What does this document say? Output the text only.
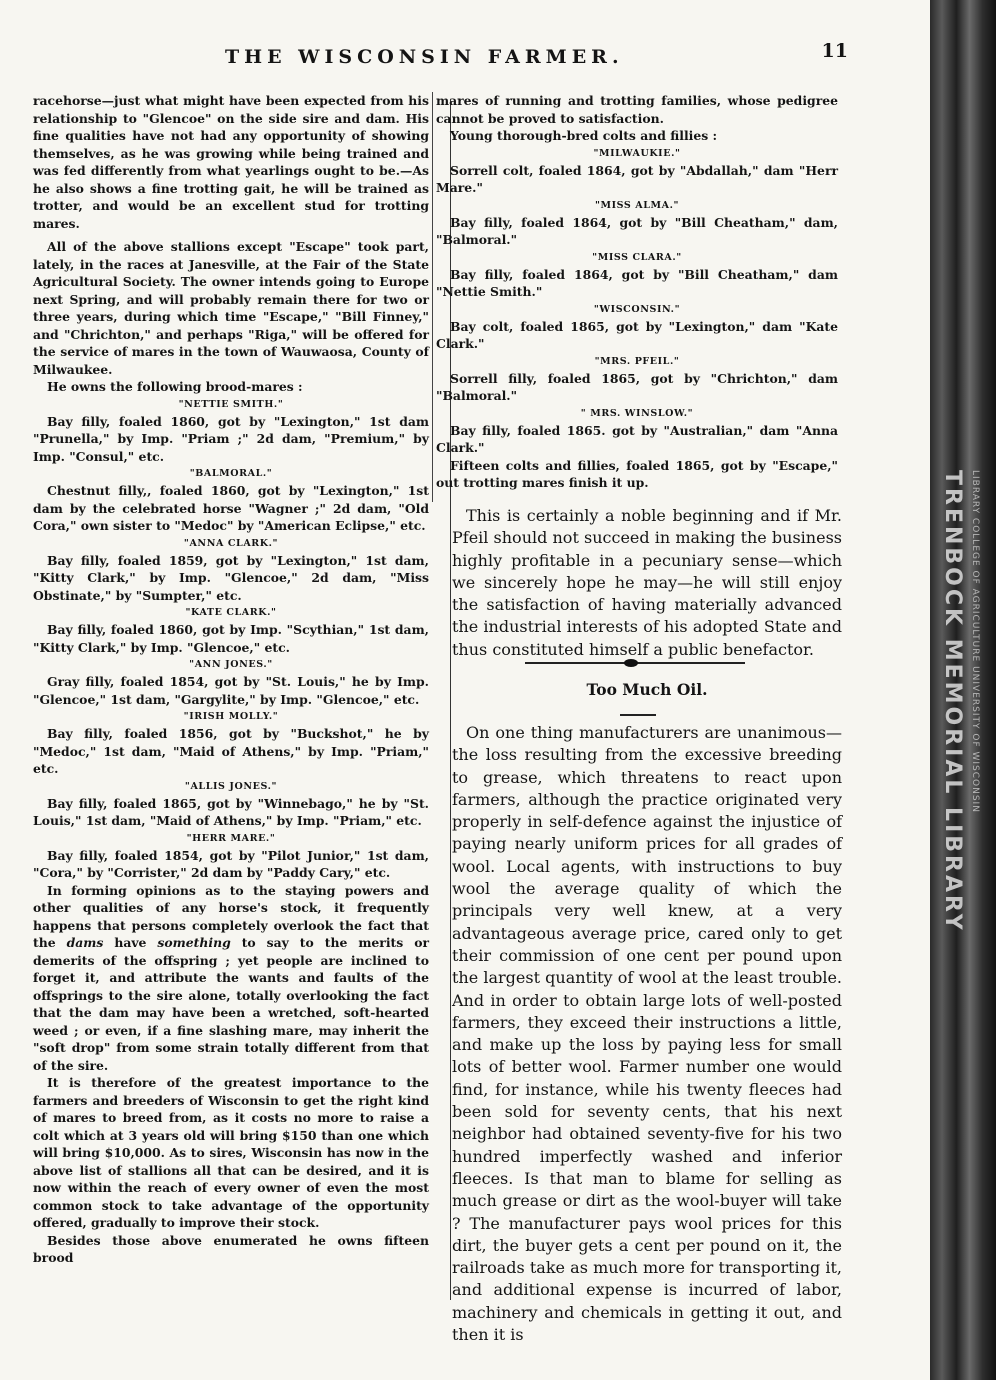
THE WISCONSIN FARMER.	11

racehorse—just what might have been expected from his relationship to "Glencoe" on the side sire and dam. His fine qualities have not had any opportunity of showing themselves, as he was growing while being trained and was fed differently from what yearlings ought to be.—As he also shows a fine trotting gait, he will be trained as trotter, and would be an excellent stud for trotting mares.

All of the above stallions except "Escape" took part, lately, in the races at Janesville, at the Fair of the State Agricultural Society. The owner intends going to Europe next Spring, and will probably remain there for two or three years, during which time "Escape," "Bill Finney," and "Chrichton," and perhaps "Riga," will be offered for the service of mares in the town of Wauwaosa, County of Milwaukee.

He owns the following brood-mares :

"NETTIE SMITH."

Bay filly, foaled 1860, got by "Lexington," 1st dam "Prunella," by Imp. "Priam ;" 2d dam, "Premium," by Imp. "Consul," etc.

"BALMORAL."

Chestnut filly,, foaled 1860, got by "Lexington," 1st dam by the celebrated horse "Wagner ;" 2d dam, "Old Cora," own sister to "Medoc" by "American Eclipse," etc.

"ANNA CLARK."

Bay filly, foaled 1859, got by "Lexington," 1st dam, "Kitty Clark," by Imp. "Glencoe," 2d dam, "Miss Obstinate," by "Sumpter," etc.

"KATE CLARK."

Bay filly, foaled 1860, got by Imp. "Scythian," 1st dam, "Kitty Clark," by Imp. "Glencoe," etc.

"ANN JONES."

Gray filly, foaled 1854, got by "St. Louis," he by Imp. "Glencoe," 1st dam, "Gargylite," by Imp. "Glencoe," etc.

"IRISH MOLLY."

Bay filly, foaled 1856, got by "Buckshot," he by "Medoc," 1st dam, "Maid of Athens," by Imp. "Priam," etc.

"ALLIS JONES."

Bay filly, foaled 1865, got by "Winnebago," he by "St. Louis," 1st dam, "Maid of Athens," by Imp. "Priam," etc.

"HERR MARE."

Bay filly, foaled 1854, got by "Pilot Junior," 1st dam, "Cora," by "Corrister," 2d dam by "Paddy Cary," etc.

In forming opinions as to the staying powers and other qualities of any horse's stock, it frequently happens that persons completely overlook the fact that the dams have something to say to the merits or demerits of the offspring ; yet people are inclined to forget it, and attribute the wants and faults of the offsprings to the sire alone, totally overlooking the fact that the dam may have been a wretched, soft-hearted weed ; or even, if a fine slashing mare, may inherit the "soft drop" from some strain totally different from that of the sire.

It is therefore of the greatest importance to the farmers and breeders of Wisconsin to get the right kind of mares to breed from, as it costs no more to raise a colt which at 3 years old will bring $150 than one which will bring $10,000. As to sires, Wisconsin has now in the above list of stallions all that can be desired, and it is now within the reach of every owner of even the most common stock to take advantage of the opportunity offered, gradually to improve their stock.

Besides those above enumerated he owns fifteen brood

mares of running and trotting families, whose pedigree cannot be proved to satisfaction.

Young thorough-bred colts and fillies :

"MILWAUKIE."

Sorrell colt, foaled 1864, got by "Abdallah," dam "Herr Mare."

"MISS ALMA."

Bay filly, foaled 1864, got by "Bill Cheatham," dam, "Balmoral."

"MISS CLARA."

Bay filly, foaled 1864, got by "Bill Cheatham," dam "Nettie Smith."

"WISCONSIN."

Bay colt, foaled 1865, got by "Lexington," dam "Kate Clark."

"MRS. PFEIL."

Sorrell filly, foaled 1865, got by "Chrichton," dam "Balmoral."

" MRS. WINSLOW."

Bay filly, foaled 1865. got by "Australian," dam "Anna Clark."

Fifteen colts and fillies, foaled 1865, got by "Escape," out trotting mares finish it up.

This is certainly a noble beginning and if Mr. Pfeil should not succeed in making the business highly profitable in a pecuniary sense—which we sincerely hope he may—he will still enjoy the satisfaction of having materially advanced the industrial interests of his adopted State and thus constituted himself a public benefactor.

Too Much Oil.

On one thing manufacturers are unanimous—the loss resulting from the excessive breeding to grease, which threatens to react upon farmers, although the practice originated very properly in self-defence against the injustice of paying nearly uniform prices for all grades of wool. Local agents, with instructions to buy wool the average quality of which the principals very well knew, at a very advantageous average price, cared only to get their commission of one cent per pound upon the largest quantity of wool at the least trouble. And in order to obtain large lots of well-posted farmers, they exceed their instructions a little, and make up the loss by paying less for small lots of better wool. Farmer number one would find, for instance, while his twenty fleeces had been sold for seventy cents, that his next neighbor had obtained seventy-five for his two hundred imperfectly washed and inferior fleeces. Is that man to blame for selling as much grease or dirt as the wool-buyer will take ? The manufacturer pays wool prices for this dirt, the buyer gets a cent per pound on it, the railroads take as much more for transporting it, and additional expense is incurred of labor, machinery and chemicals in getting it out, and then it is

TRENBOCK MEMORIAL LIBRARY LIBRARY COLLEGE OF AGRICULTURE UNIVERSITY OF WISCONSIN
